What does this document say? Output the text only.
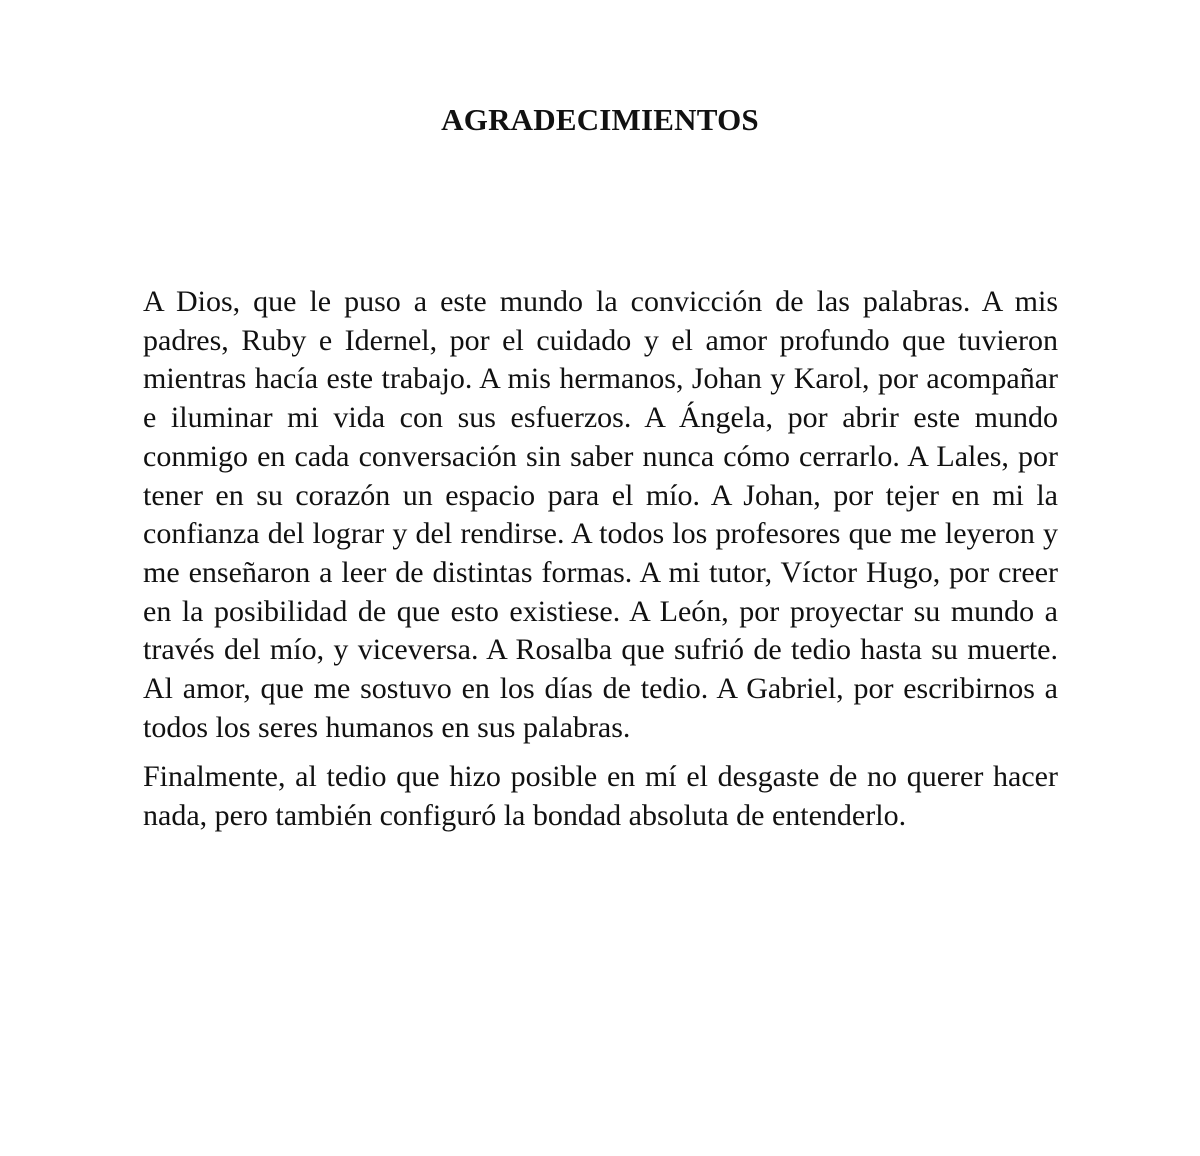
AGRADECIMIENTOS

A Dios, que le puso a este mundo la convicción de las palabras. A mis padres, Ruby e Idernel, por el cuidado y el amor profundo que tuvieron mientras hacía este trabajo. A mis hermanos, Johan y Karol, por acompañar e iluminar mi vida con sus esfuerzos. A Ángela, por abrir este mundo conmigo en cada conversación sin saber nunca cómo cerrarlo. A Lales, por tener en su corazón un espacio para el mío. A Johan, por tejer en mi la confianza del lograr y del rendirse. A todos los profesores que me leyeron y me enseñaron a leer de distintas formas. A mi tutor, Víctor Hugo, por creer en la posibilidad de que esto existiese. A León, por proyectar su mundo a través del mío, y viceversa. A Rosalba que sufrió de tedio hasta su muerte. Al amor, que me sostuvo en los días de tedio. A Gabriel, por escribirnos a todos los seres humanos en sus palabras.

Finalmente, al tedio que hizo posible en mí el desgaste de no querer hacer nada, pero también configuró la bondad absoluta de entenderlo.
